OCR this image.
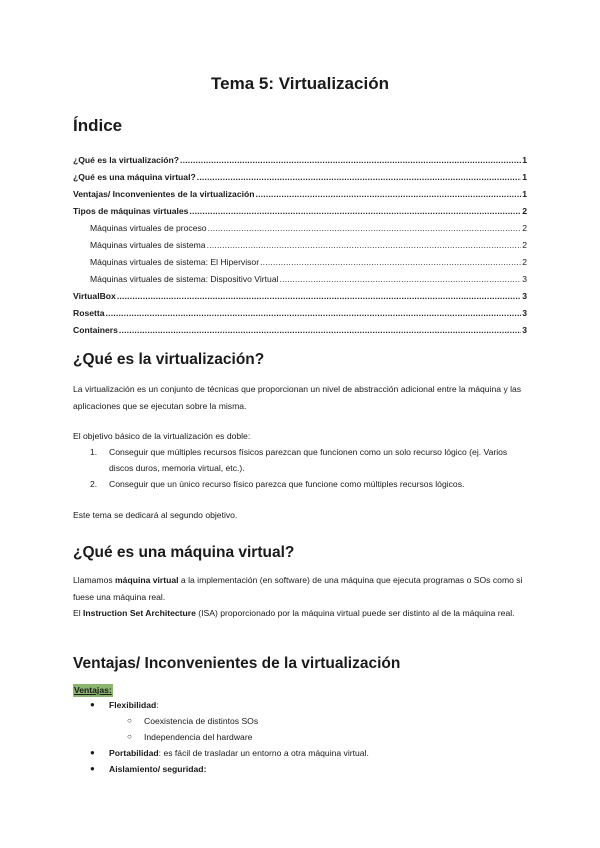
Tema 5: Virtualización
Índice
¿Qué es la virtualización? .....	1
¿Qué es una máquina virtual? .....	1
Ventajas/ Inconvenientes de la virtualización .....	1
Tipos de máquinas virtuales .....	2
Máquinas virtuales de proceso .....	2
Máquinas virtuales de sistema .....	2
Máquinas virtuales de sistema: El Hipervisor .....	2
Máquinas virtuales de sistema: Dispositivo Virtual .....	3
VirtualBox .....	3
Rosetta .....	3
Containers .....	3
¿Qué es la virtualización?

La virtualización es un conjunto de técnicas que proporcionan un nivel de abstracción adicional entre la máquina y las aplicaciones que se ejecutan sobre la misma.

El objetivo básico de la virtualización es doble:

1. Conseguir que múltiples recursos físicos parezcan que funcionen como un solo recurso lógico (ej. Varios discos duros, memoria virtual, etc.).
2. Conseguir que un único recurso físico parezca que funcione como múltiples recursos lógicos.

Este tema se dedicará al segundo objetivo.

¿Qué es una máquina virtual?

Llamamos máquina virtual a la implementación (en software) de una máquina que ejecuta programas o SOs como si fuese una máquina real.
El Instruction Set Architecture (ISA) proporcionado por la máquina virtual puede ser distinto al de la máquina real.

Ventajas/ Inconvenientes de la virtualización
Ventajas:
● Flexibilidad:
○ Coexistencia de distintos SOs
○ Independencia del hardware
● Portabilidad: es fácil de trasladar un entorno a otra máquina virtual.
● Aislamiento/ seguridad:
